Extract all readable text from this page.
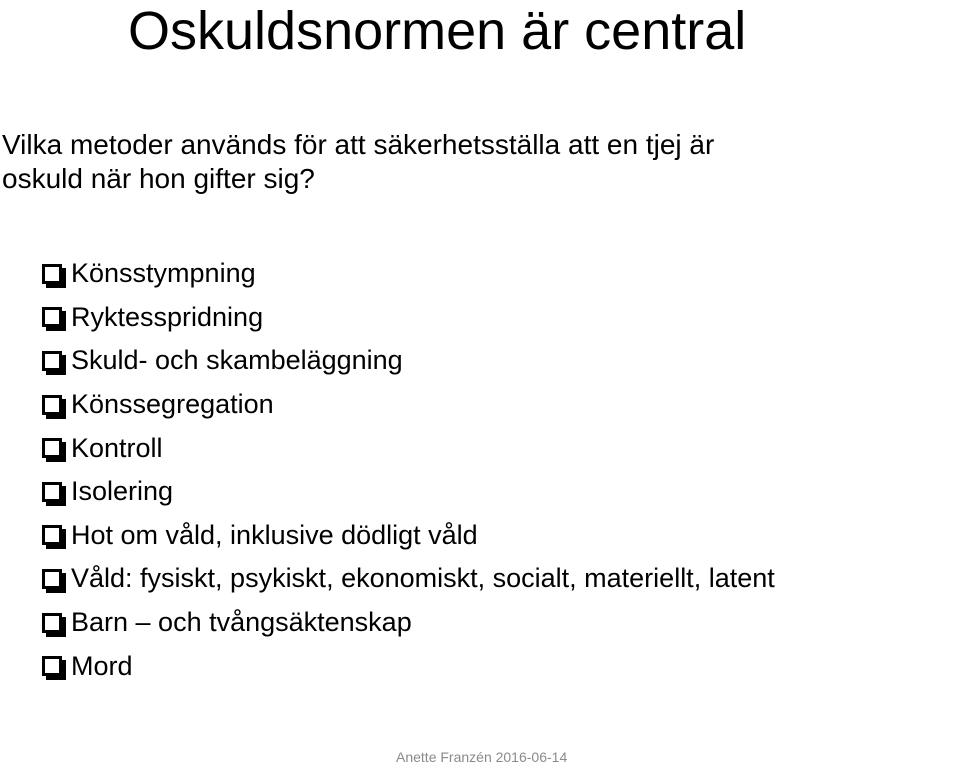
Oskuldsnormen är central
Vilka metoder används för att säkerhetsställa att en tjej är
oskuld när hon gifter sig?
Könsstympning
Ryktesspridning
Skuld- och skambeläggning
Könssegregation
Kontroll
Isolering
Hot om våld, inklusive dödligt våld
Våld: fysiskt, psykiskt, ekonomiskt, socialt, materiellt, latent
Barn – och tvångsäktenskap
Mord
Anette Franzén 2016-06-14
